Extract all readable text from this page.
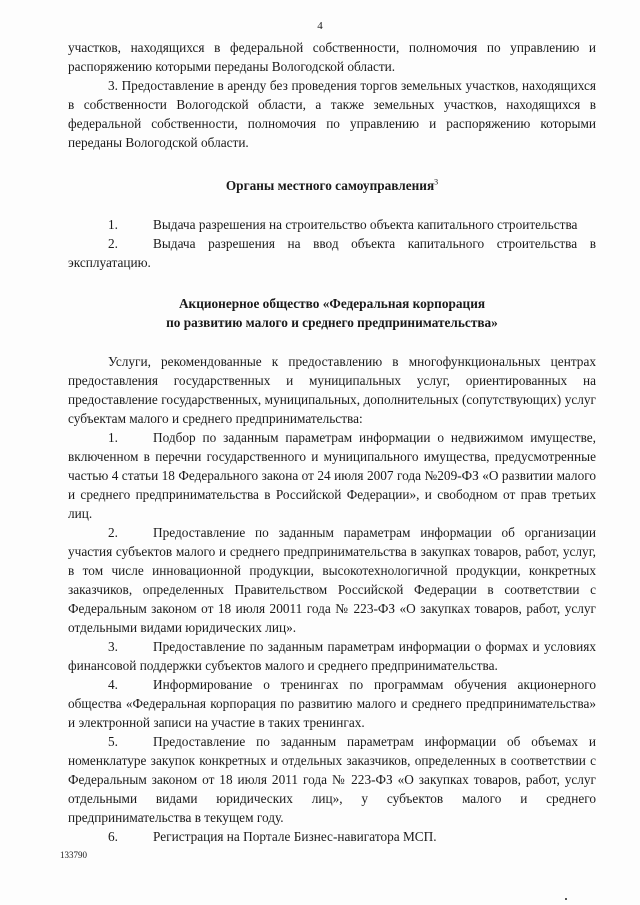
4

участков, находящихся в федеральной собственности, полномочия по управлению и распоряжению которыми переданы Вологодской области.

3. Предоставление в аренду без проведения торгов земельных участков, находящихся в собственности Вологодской области, а также земельных участков, находящихся в федеральной собственности, полномочия по управлению и распоряжению которыми переданы Вологодской области.

Органы местного самоуправления$^3$

1.	Выдача разрешения на строительство объекта капитального строительства

2.	Выдача разрешения на ввод объекта капитального строительства в эксплуатацию.

Акционерное общество «Федеральная корпорация
по развитию малого и среднего предпринимательства»

Услуги, рекомендованные к предоставлению в многофункциональных центрах предоставления государственных и муниципальных услуг, ориентированных на предоставление государственных, муниципальных, дополнительных (сопутствующих) услуг субъектам малого и среднего предпринимательства:

1.	Подбор по заданным параметрам информации о недвижимом имуществе, включенном в перечни государственного и муниципального имущества, предусмотренные частью 4 статьи 18 Федерального закона от 24 июля 2007 года №209-ФЗ «О развитии малого и среднего предпринимательства в Российской Федерации», и свободном от прав третьих лиц.

2.	Предоставление по заданным параметрам информации об организации участия субъектов малого и среднего предпринимательства в закупках товаров, работ, услуг, в том числе инновационной продукции, высокотехнологичной продукции, конкретных заказчиков, определенных Правительством Российской Федерации в соответствии с Федеральным законом от 18 июля 20011 года № 223-ФЗ «О закупках товаров, работ, услуг отдельными видами юридических лиц».

3.	Предоставление по заданным параметрам информации о формах и условиях финансовой поддержки субъектов малого и среднего предпринимательства.

4.	Информирование о тренингах по программам обучения акционерного общества «Федеральная корпорация по развитию малого и среднего предпринимательства» и электронной записи на участие в таких тренингах.

5.	Предоставление по заданным параметрам информации об объемах и номенклатуре закупок конкретных и отдельных заказчиков, определенных в соответствии с Федеральным законом от 18 июля 2011 года № 223-ФЗ «О закупках товаров, работ, услуг отдельными видами юридических лиц», у субъектов малого и среднего предпринимательства в текущем году.

6.	Регистрация на Портале Бизнес-навигатора МСП.

133790
